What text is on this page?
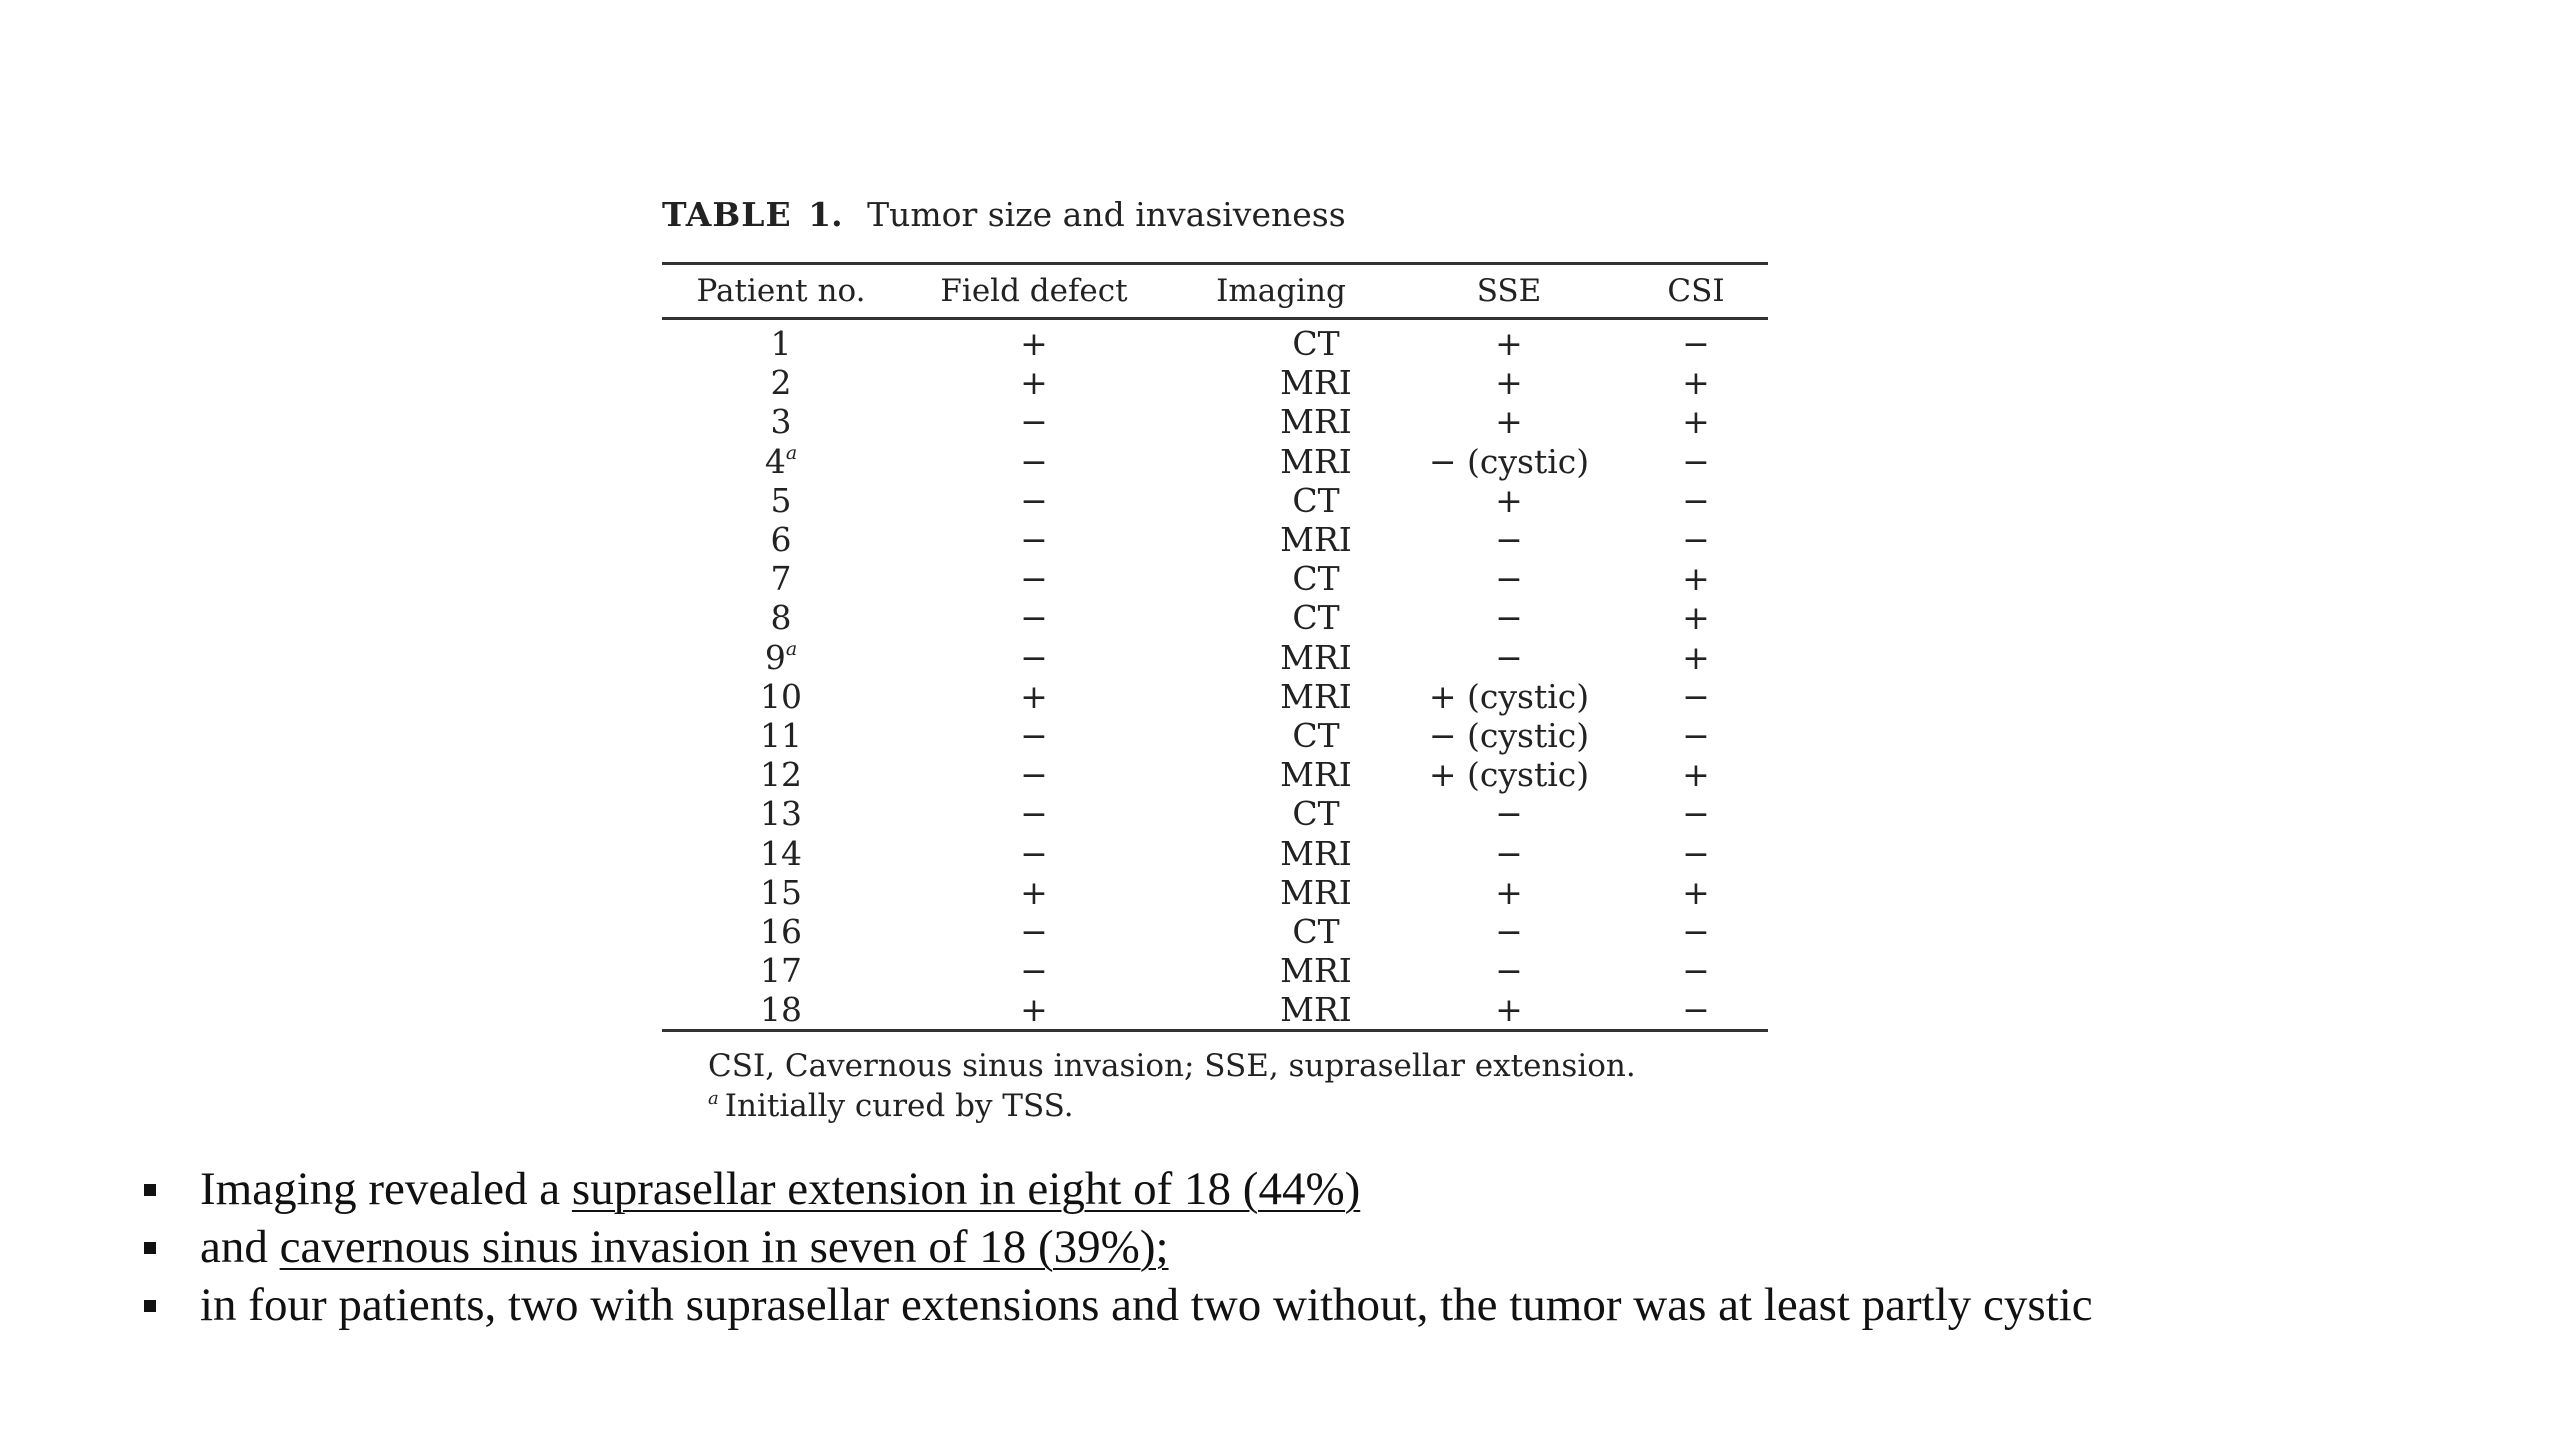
TABLE 1. Tumor size and invasiveness
Patient no.	Field defect	Imaging	SSE	CSI
1	+	CT	+	−
2	+	MRI	+	+
3	−	MRI	+	+
4$^a$	−	MRI	− (cystic)	−
5	−	CT	+	−
6	−	MRI	−	−
7	−	CT	−	+
8	−	CT	−	+
9$^a$	−	MRI	−	+
10	+	MRI	+ (cystic)	−
11	−	CT	− (cystic)	−
12	−	MRI	+ (cystic)	+
13	−	CT	−	−
14	−	MRI	−	−
15	+	MRI	+	+
16	−	CT	−	−
17	−	MRI	−	−
18	+	MRI	+	−
CSI, Cavernous sinus invasion; SSE, suprasellar extension.
$^a$ Initially cured by TSS.
Imaging revealed a suprasellar extension in eight of 18 (44%)
and cavernous sinus invasion in seven of 18 (39%);
in four patients, two with suprasellar extensions and two without, the tumor was at least partly cystic
